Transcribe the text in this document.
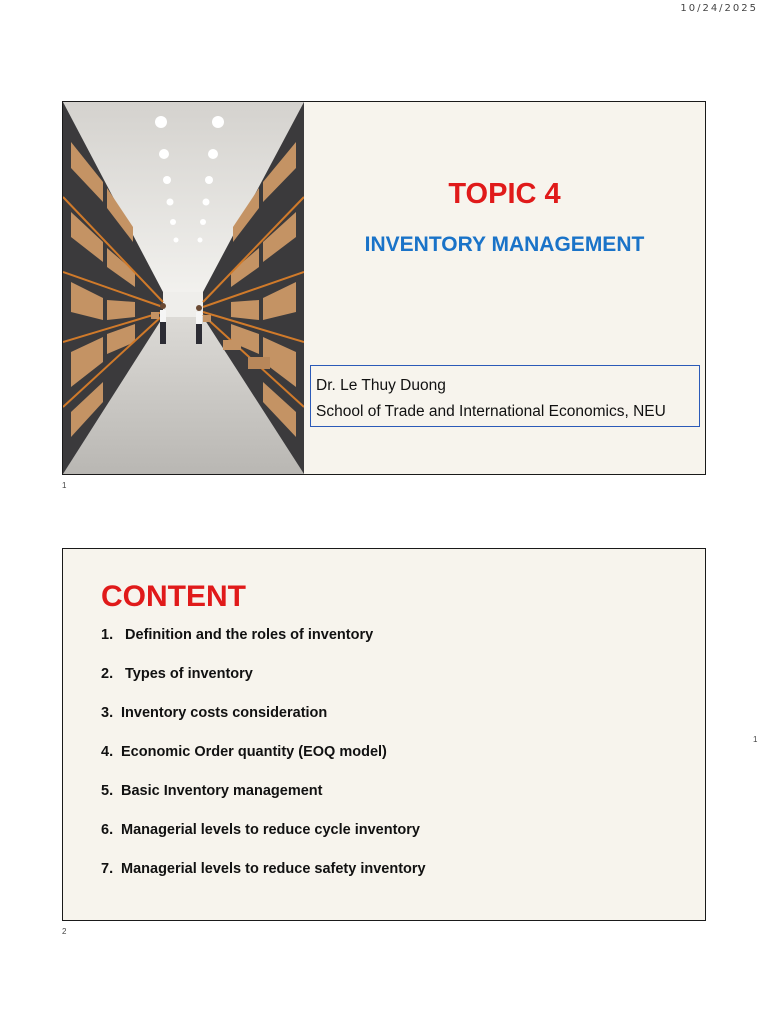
10/24/2025
TOPIC 4
INVENTORY MANAGEMENT
Dr. Le Thuy Duong
School of Trade and International Economics, NEU
1
CONTENT
1. Definition and the roles of inventory
2. Types of inventory
3. Inventory costs consideration
4. Economic Order quantity (EOQ model)
5. Basic Inventory management
6. Managerial levels to reduce cycle inventory
7. Managerial levels to reduce safety inventory
2
1
